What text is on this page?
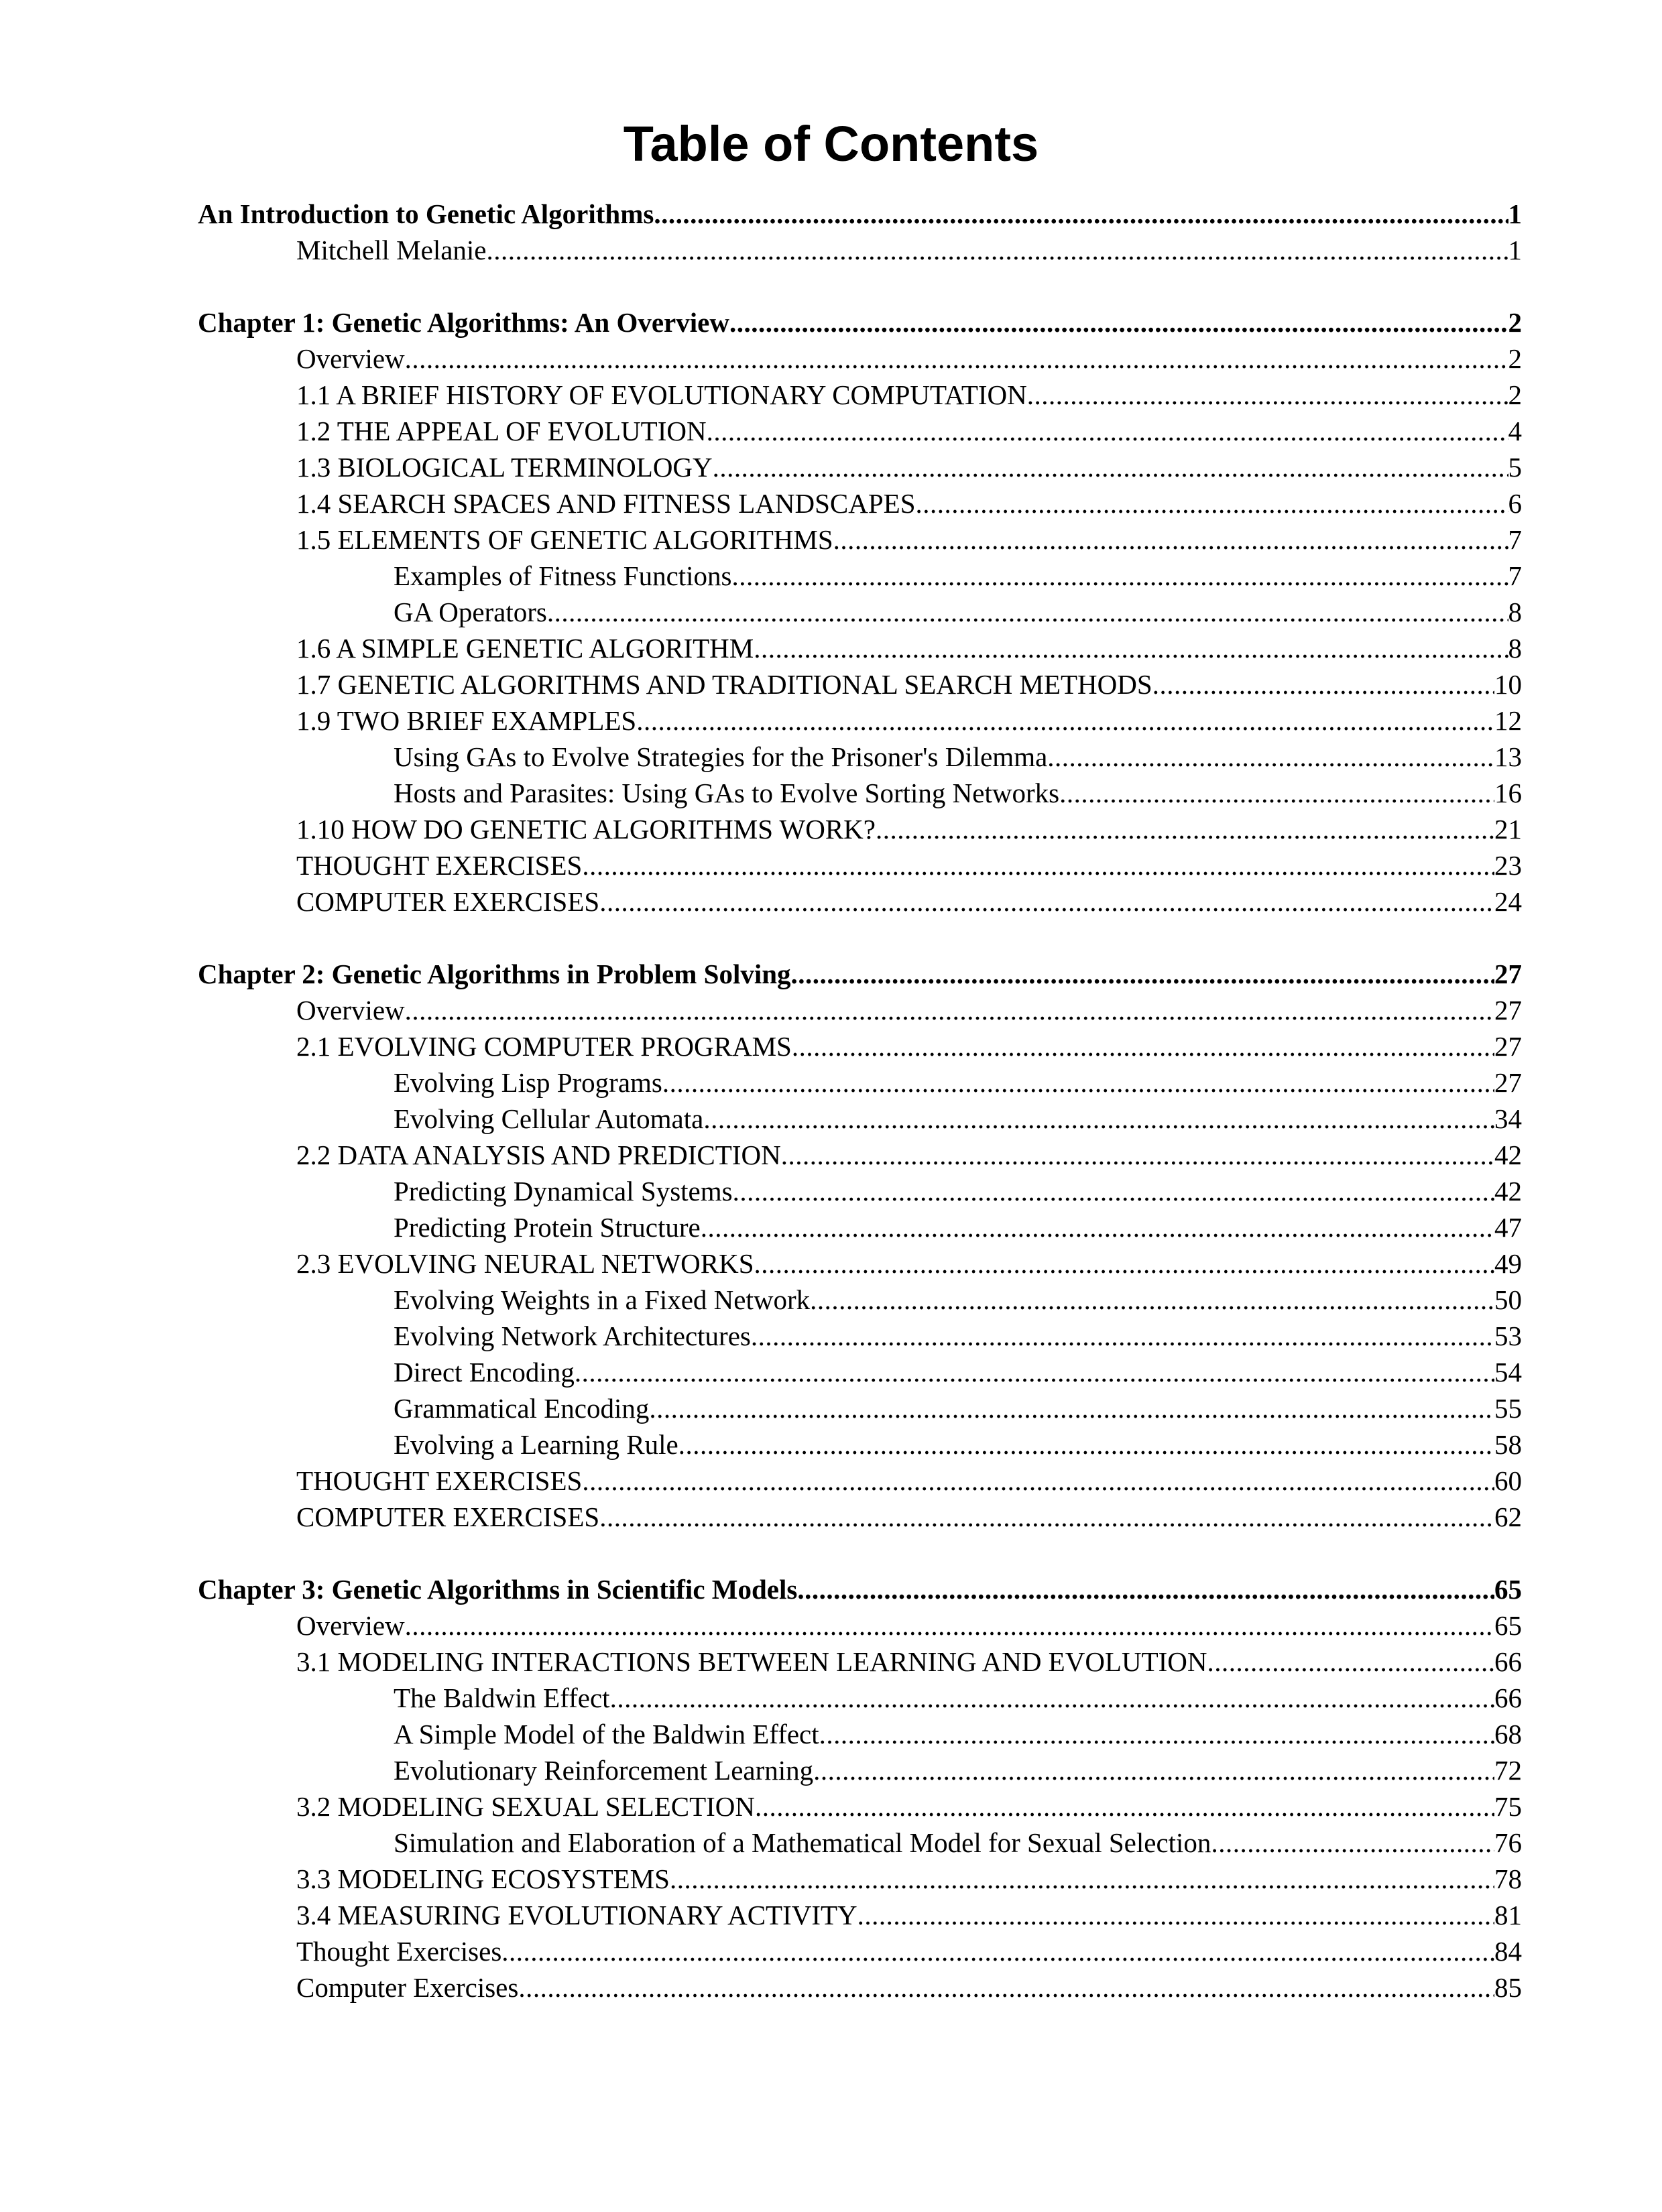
Table of Contents
An Introduction to Genetic Algorithms .....	1
Mitchell Melanie .....	1
Chapter 1: Genetic Algorithms: An Overview .....	2
Overview .....	2
1.1 A BRIEF HISTORY OF EVOLUTIONARY COMPUTATION .....	2
1.2 THE APPEAL OF EVOLUTION .....	4
1.3 BIOLOGICAL TERMINOLOGY .....	5
1.4 SEARCH SPACES AND FITNESS LANDSCAPES .....	6
1.5 ELEMENTS OF GENETIC ALGORITHMS .....	7
Examples of Fitness Functions .....	7
GA Operators .....	8
1.6 A SIMPLE GENETIC ALGORITHM .....	8
1.7 GENETIC ALGORITHMS AND TRADITIONAL SEARCH METHODS .....	10
1.9 TWO BRIEF EXAMPLES .....	12
Using GAs to Evolve Strategies for the Prisoner's Dilemma .....	13
Hosts and Parasites: Using GAs to Evolve Sorting Networks .....	16
1.10 HOW DO GENETIC ALGORITHMS WORK? .....	21
THOUGHT EXERCISES .....	23
COMPUTER EXERCISES .....	24
Chapter 2: Genetic Algorithms in Problem Solving .....	27
Overview .....	27
2.1 EVOLVING COMPUTER PROGRAMS .....	27
Evolving Lisp Programs .....	27
Evolving Cellular Automata .....	34
2.2 DATA ANALYSIS AND PREDICTION .....	42
Predicting Dynamical Systems .....	42
Predicting Protein Structure .....	47
2.3 EVOLVING NEURAL NETWORKS .....	49
Evolving Weights in a Fixed Network .....	50
Evolving Network Architectures .....	53
Direct Encoding .....	54
Grammatical Encoding .....	55
Evolving a Learning Rule .....	58
THOUGHT EXERCISES .....	60
COMPUTER EXERCISES .....	62
Chapter 3: Genetic Algorithms in Scientific Models .....	65
Overview .....	65
3.1 MODELING INTERACTIONS BETWEEN LEARNING AND EVOLUTION .....	66
The Baldwin Effect .....	66
A Simple Model of the Baldwin Effect .....	68
Evolutionary Reinforcement Learning .....	72
3.2 MODELING SEXUAL SELECTION .....	75
Simulation and Elaboration of a Mathematical Model for Sexual Selection .....	76
3.3 MODELING ECOSYSTEMS .....	78
3.4 MEASURING EVOLUTIONARY ACTIVITY .....	81
Thought Exercises .....	84
Computer Exercises .....	85
